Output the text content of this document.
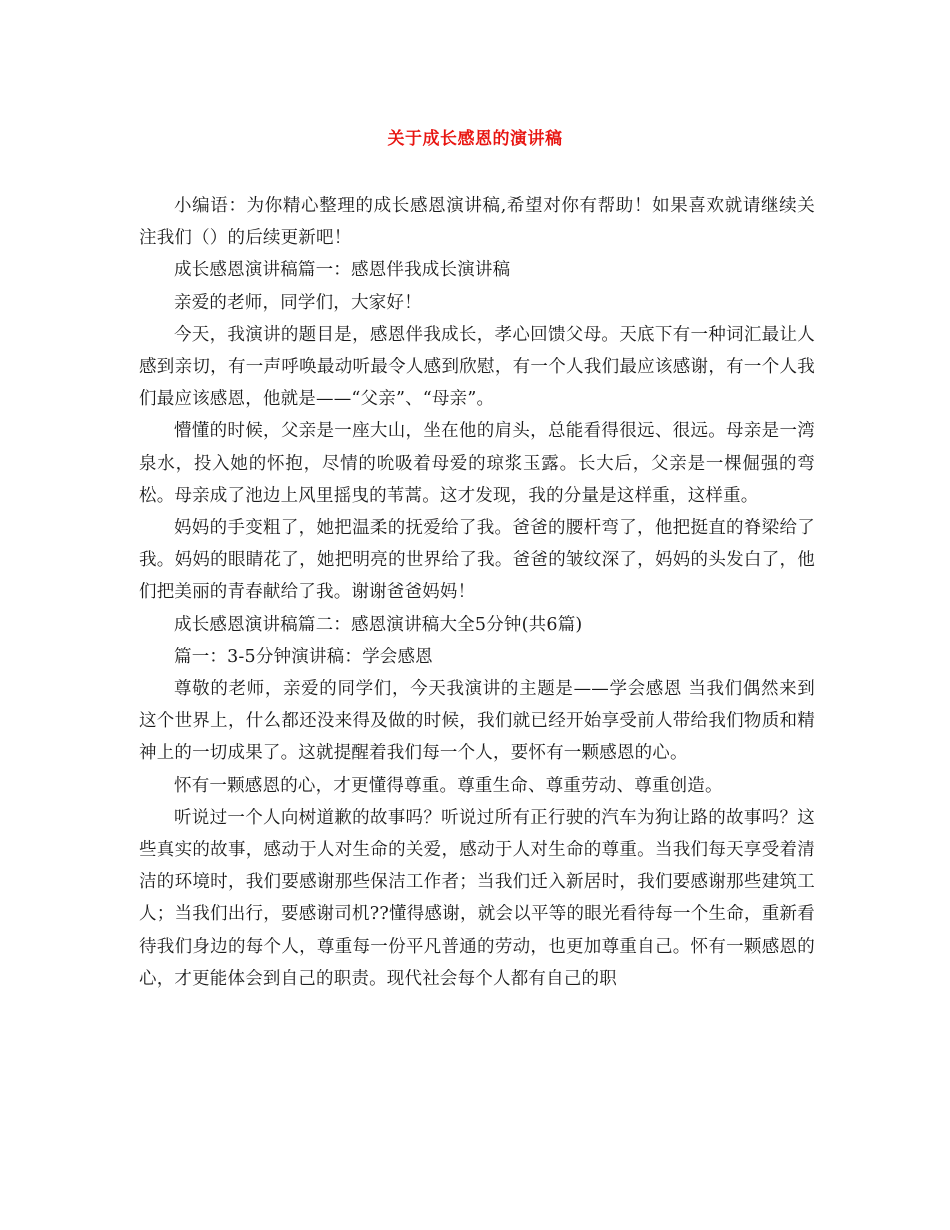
关于成长感恩的演讲稿

小编语：为你精心整理的成长感恩演讲稿,希望对你有帮助！如果喜欢就请继续关注我们（）的后续更新吧！

成长感恩演讲稿篇一：感恩伴我成长演讲稿

亲爱的老师，同学们，大家好！

今天，我演讲的题目是，感恩伴我成长，孝心回馈父母。天底下有一种词汇最让人感到亲切，有一声呼唤最动听最令人感到欣慰，有一个人我们最应该感谢，有一个人我们最应该感恩，他就是——“父亲”、“母亲”。

懵懂的时候，父亲是一座大山，坐在他的肩头，总能看得很远、很远。母亲是一湾泉水，投入她的怀抱，尽情的吮吸着母爱的琼浆玉露。长大后，父亲是一棵倔强的弯松。母亲成了池边上风里摇曳的苇蒿。这才发现，我的分量是这样重，这样重。

妈妈的手变粗了，她把温柔的抚爱给了我。爸爸的腰杆弯了，他把挺直的脊梁给了我。妈妈的眼睛花了，她把明亮的世界给了我。爸爸的皱纹深了，妈妈的头发白了，他们把美丽的青春献给了我。谢谢爸爸妈妈！

成长感恩演讲稿篇二：感恩演讲稿大全5分钟(共6篇)

篇一：3-5分钟演讲稿：学会感恩

尊敬的老师，亲爱的同学们，今天我演讲的主题是——学会感恩 当我们偶然来到这个世界上，什么都还没来得及做的时候，我们就已经开始享受前人带给我们物质和精神上的一切成果了。这就提醒着我们每一个人，要怀有一颗感恩的心。

怀有一颗感恩的心，才更懂得尊重。尊重生命、尊重劳动、尊重创造。

听说过一个人向树道歉的故事吗？听说过所有正行驶的汽车为狗让路的故事吗？这些真实的故事，感动于人对生命的关爱，感动于人对生命的尊重。当我们每天享受着清洁的环境时，我们要感谢那些保洁工作者；当我们迁入新居时，我们要感谢那些建筑工人；当我们出行，要感谢司机??懂得感谢，就会以平等的眼光看待每一个生命，重新看待我们身边的每个人，尊重每一份平凡普通的劳动，也更加尊重自己。怀有一颗感恩的心，才更能体会到自己的职责。现代社会每个人都有自己的职
